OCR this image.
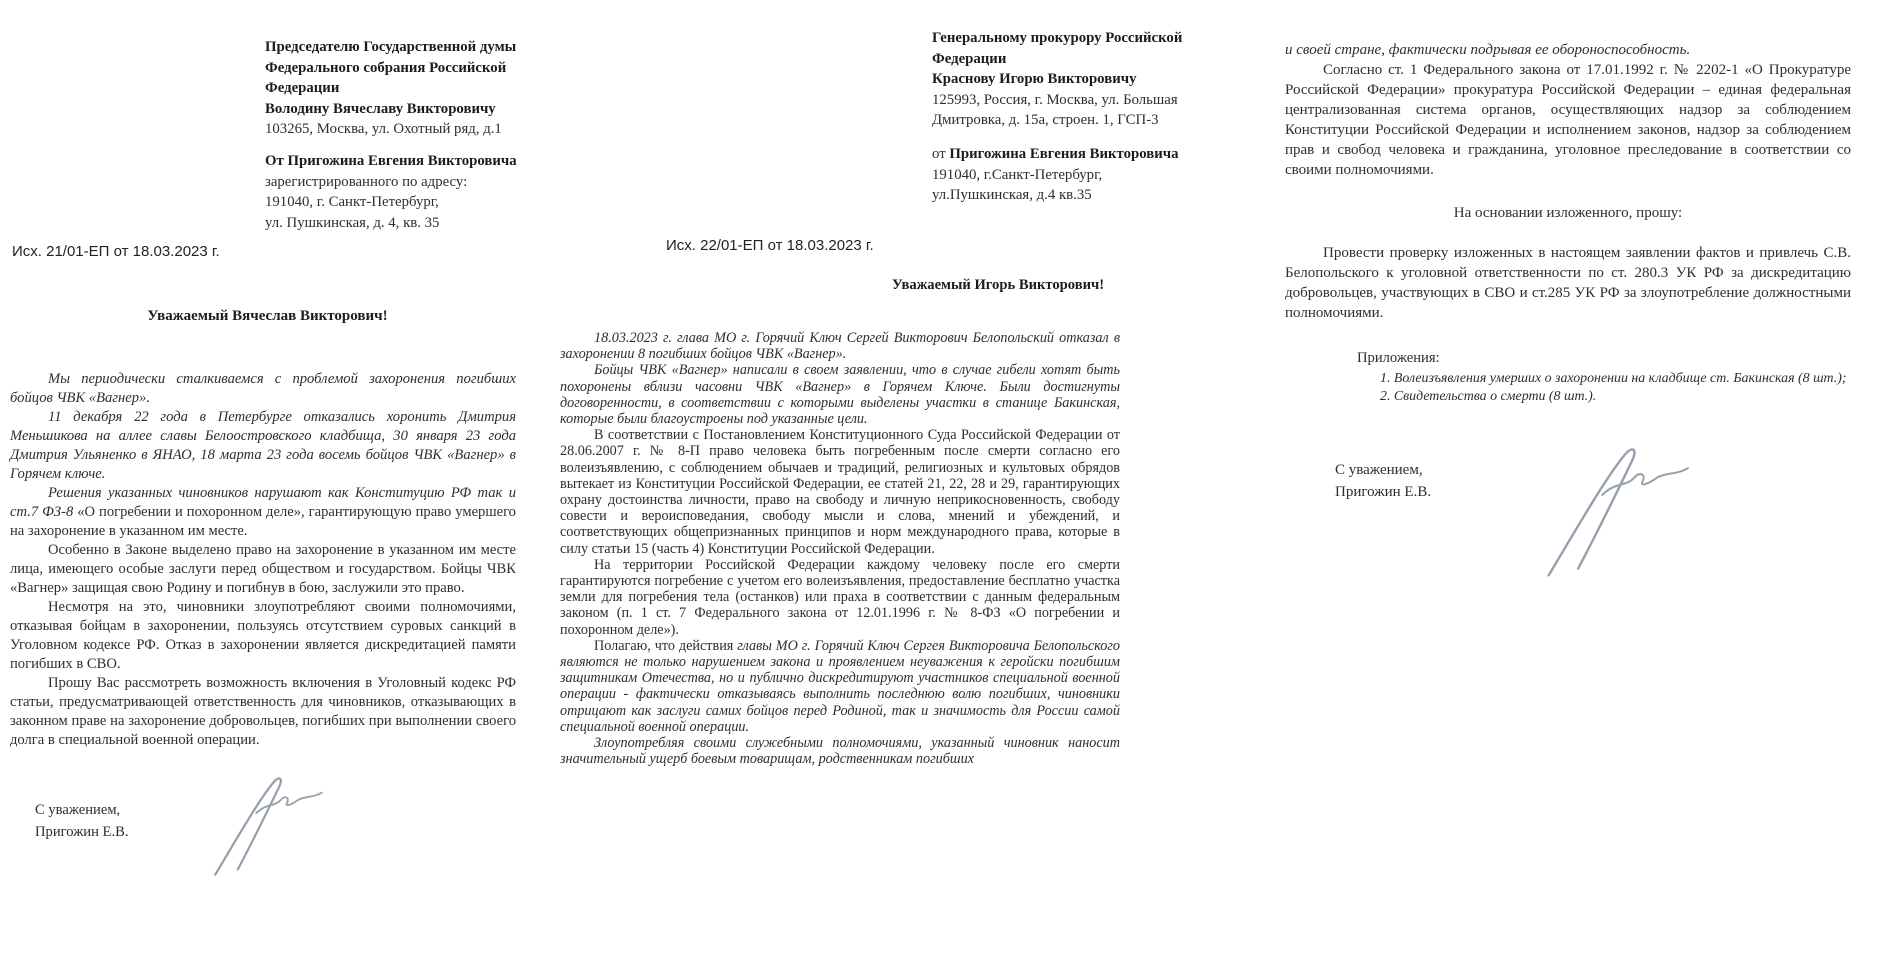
Председателю Государственной думы
Федерального собрания Российской
Федерации
Володину Вячеславу Викторовичу
103265, Москва, ул. Охотный ряд, д.1
От Пригожина Евгения Викторовича
зарегистрированного по адресу:
191040, г. Санкт-Петербург,
ул. Пушкинская, д. 4, кв. 35
Исх. 21/01-ЕП от 18.03.2023 г.
Уважаемый Вячеслав Викторович!

Мы периодически сталкиваемся с проблемой захоронения погибших бойцов ЧВК «Вагнер».

11 декабря 22 года в Петербурге отказались хоронить Дмитрия Меньшикова на аллее славы Белоостровского кладбища, 30 января 23 года Дмитрия Ульяненко в ЯНАО, 18 марта 23 года восемь бойцов ЧВК «Вагнер» в Горячем ключе.

Решения указанных чиновников нарушают как Конституцию РФ так и ст.7 ФЗ-8 «О погребении и похоронном деле», гарантирующую право умершего на захоронение в указанном им месте.

Особенно в Законе выделено право на захоронение в указанном им месте лица, имеющего особые заслуги перед обществом и государством. Бойцы ЧВК «Вагнер» защищая свою Родину и погибнув в бою, заслужили это право.

Несмотря на это, чиновники злоупотребляют своими полномочиями, отказывая бойцам в захоронении, пользуясь отсутствием суровых санкций в Уголовном кодексе РФ. Отказ в захоронении является дискредитацией памяти погибших в СВО.

Прошу Вас рассмотреть возможность включения в Уголовный кодекс РФ статьи, предусматривающей ответственность для чиновников, отказывающих в законном праве на захоронение добровольцев, погибших при выполнении своего долга в специальной военной операции.

С уважением,
Пригожин Е.В.
Генеральному прокурору Российской
Федерации
Краснову Игорю Викторовичу
125993, Россия, г. Москва, ул. Большая
Дмитровка, д. 15а, строен. 1, ГСП-3
от Пригожина Евгения Викторовича
191040, г.Санкт-Петербург,
ул.Пушкинская, д.4 кв.35
Исх. 22/01-ЕП от 18.03.2023 г.
Уважаемый Игорь Викторович!

18.03.2023 г. глава МО г. Горячий Ключ Сергей Викторович Белопольский отказал в захоронении 8 погибших бойцов ЧВК «Вагнер».

Бойцы ЧВК «Вагнер» написали в своем заявлении, что в случае гибели хотят быть похоронены вблизи часовни ЧВК «Вагнер» в Горячем Ключе. Были достигнуты договоренности, в соответствии с которыми выделены участки в станице Бакинская, которые были благоустроены под указанные цели.

В соответствии с Постановлением Конституционного Суда Российской Федерации от 28.06.2007 г. № 8-П право человека быть погребенным после смерти согласно его волеизъявлению, с соблюдением обычаев и традиций, религиозных и культовых обрядов вытекает из Конституции Российской Федерации, ее статей 21, 22, 28 и 29, гарантирующих охрану достоинства личности, право на свободу и личную неприкосновенность, свободу совести и вероисповедания, свободу мысли и слова, мнений и убеждений, и соответствующих общепризнанных принципов и норм международного права, которые в силу статьи 15 (часть 4) Конституции Российской Федерации.

На территории Российской Федерации каждому человеку после его смерти гарантируются погребение с учетом его волеизъявления, предоставление бесплатно участка земли для погребения тела (останков) или праха в соответствии с данным федеральным законом (п. 1 ст. 7 Федерального закона от 12.01.1996 г. № 8-ФЗ «О погребении и похоронном деле»).

Полагаю, что действия главы МО г. Горячий Ключ Сергея Викторовича Белопольского являются не только нарушением закона и проявлением неуважения к геройски погибшим защитникам Отечества, но и публично дискредитируют участников специальной военной операции - фактически отказываясь выполнить последнюю волю погибших, чиновники отрицают как заслуги самих бойцов перед Родиной, так и значимость для России самой специальной военной операции.

Злоупотребляя своими служебными полномочиями, указанный чиновник наносит значительный ущерб боевым товарищам, родственникам погибших

и своей стране, фактически подрывая ее обороноспособность.

Согласно ст. 1 Федерального закона от 17.01.1992 г. № 2202-1 «О Прокуратуре Российской Федерации» прокуратура Российской Федерации – единая федеральная централизованная система органов, осуществляющих надзор за соблюдением Конституции Российской Федерации и исполнением законов, надзор за соблюдением прав и свобод человека и гражданина, уголовное преследование в соответствии со своими полномочиями.

На основании изложенного, прошу:

Провести проверку изложенных в настоящем заявлении фактов и привлечь С.В. Белопольского к уголовной ответственности по ст. 280.3 УК РФ за дискредитацию добровольцев, участвующих в СВО и ст.285 УК РФ за злоупотребление должностными полномочиями.

Приложения:
1. Волеизъявления умерших о захоронении на кладбище ст. Бакинская (8 шт.);
2. Свидетельства о смерти (8 шт.).
С уважением,
Пригожин Е.В.
